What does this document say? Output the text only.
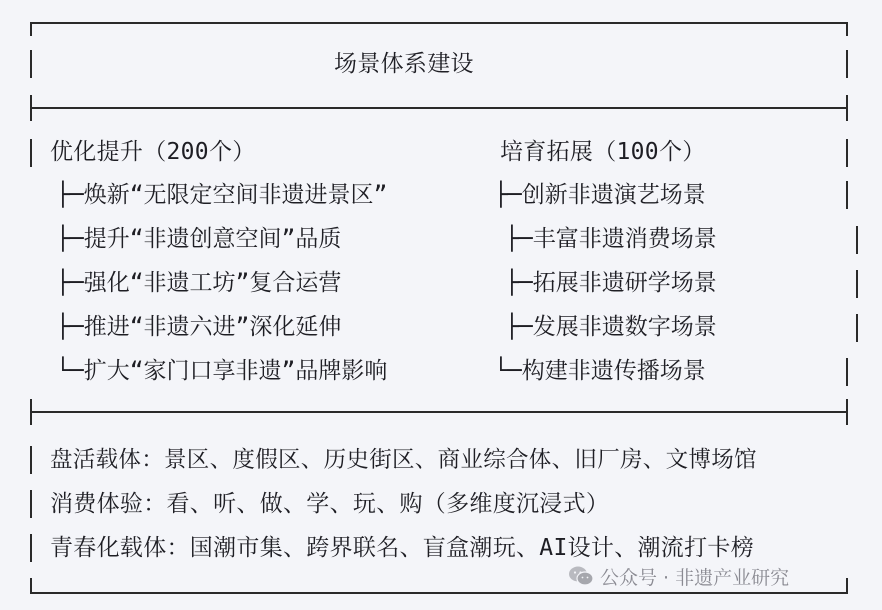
场景体系建设
优化提升（200个）
├─焕新“无限定空间非遗进景区”
├─提升“非遗创意空间”品质
├─强化“非遗工坊”复合运营
├─推进“非遗六进”深化延伸
└─扩大“家门口享非遗”品牌影响
培育拓展（100个）
├─创新非遗演艺场景
├─丰富非遗消费场景
├─拓展非遗研学场景
├─发展非遗数字场景
└─构建非遗传播场景
盘活载体：景区、度假区、历史街区、商业综合体、旧厂房、文博场馆
消费体验：看、听、做、学、玩、购（多维度沉浸式）
青春化载体：国潮市集、跨界联名、盲盒潮玩、AI设计、潮流打卡榜
公众号 · 非遗产业研究
